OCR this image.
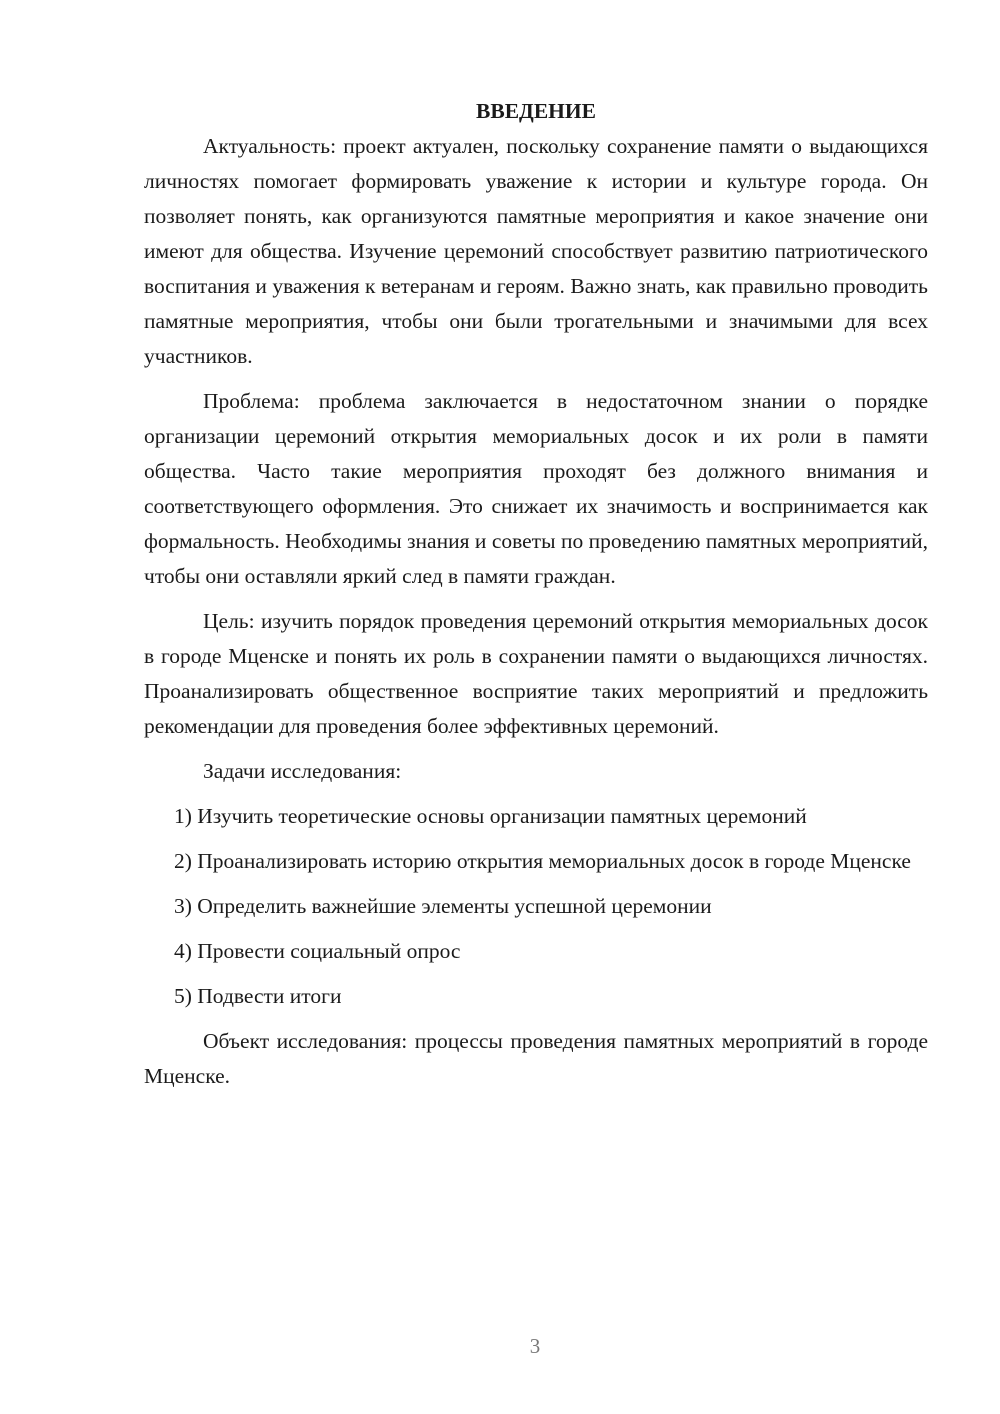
ВВЕДЕНИЕ

Актуальность: проект актуален, поскольку сохранение памяти о выдающихся личностях помогает формировать уважение к истории и культуре города. Он позволяет понять, как организуются памятные мероприятия и какое значение они имеют для общества. Изучение церемоний способствует развитию патриотического воспитания и уважения к ветеранам и героям. Важно знать, как правильно проводить памятные мероприятия, чтобы они были трогательными и значимыми для всех участников.

Проблема: проблема заключается в недостаточном знании о порядке организации церемоний открытия мемориальных досок и их роли в памяти общества. Часто такие мероприятия проходят без должного внимания и соответствующего оформления. Это снижает их значимость и воспринимается как формальность. Необходимы знания и советы по проведению памятных мероприятий, чтобы они оставляли яркий след в памяти граждан.

Цель: изучить порядок проведения церемоний открытия мемориальных досок в городе Мценске и понять их роль в сохранении памяти о выдающихся личностях. Проанализировать общественное восприятие таких мероприятий и предложить рекомендации для проведения более эффективных церемоний.

Задачи исследования:

1) Изучить теоретические основы организации памятных церемоний

2) Проанализировать историю открытия мемориальных досок в городе Мценске

3) Определить важнейшие элементы успешной церемонии

4) Провести социальный опрос

5) Подвести итоги

Объект исследования: процессы проведения памятных мероприятий в городе Мценске.

3
